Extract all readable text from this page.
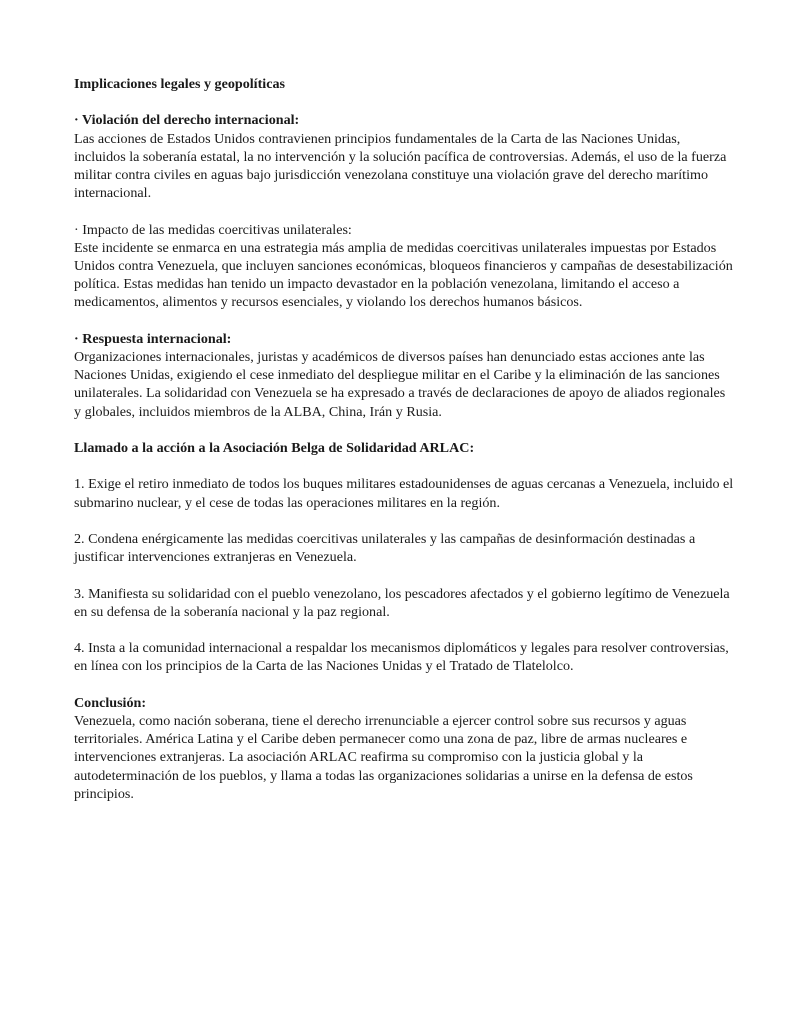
Implicaciones legales y geopolíticas

· Violación del derecho internacional:

Las acciones de Estados Unidos contravienen principios fundamentales de la Carta de las Naciones Unidas, incluidos la soberanía estatal, la no intervención y la solución pacífica de controversias. Además, el uso de la fuerza militar contra civiles en aguas bajo jurisdicción venezolana constituye una violación grave del derecho marítimo internacional.

· Impacto de las medidas coercitivas unilaterales:

Este incidente se enmarca en una estrategia más amplia de medidas coercitivas unilaterales impuestas por Estados Unidos contra Venezuela, que incluyen sanciones económicas, bloqueos financieros y campañas de desestabilización política. Estas medidas han tenido un impacto devastador en la población venezolana, limitando el acceso a medicamentos, alimentos y recursos esenciales, y violando los derechos humanos básicos.

· Respuesta internacional:

Organizaciones internacionales, juristas y académicos de diversos países han denunciado estas acciones ante las Naciones Unidas, exigiendo el cese inmediato del despliegue militar en el Caribe y la eliminación de las sanciones unilaterales. La solidaridad con Venezuela se ha expresado a través de declaraciones de apoyo de aliados regionales y globales, incluidos miembros de la ALBA, China, Irán y Rusia.

Llamado a la acción a la Asociación Belga de Solidaridad ARLAC:

1. Exige el retiro inmediato de todos los buques militares estadounidenses de aguas cercanas a Venezuela, incluido el submarino nuclear, y el cese de todas las operaciones militares en la región.

2. Condena enérgicamente las medidas coercitivas unilaterales y las campañas de desinformación destinadas a justificar intervenciones extranjeras en Venezuela.

3. Manifiesta su solidaridad con el pueblo venezolano, los pescadores afectados y el gobierno legítimo de Venezuela en su defensa de la soberanía nacional y la paz regional.

4. Insta a la comunidad internacional a respaldar los mecanismos diplomáticos y legales para resolver controversias, en línea con los principios de la Carta de las Naciones Unidas y el Tratado de Tlatelolco.

Conclusión:

Venezuela, como nación soberana, tiene el derecho irrenunciable a ejercer control sobre sus recursos y aguas territoriales. América Latina y el Caribe deben permanecer como una zona de paz, libre de armas nucleares e intervenciones extranjeras. La asociación ARLAC reafirma su compromiso con la justicia global y la autodeterminación de los pueblos, y llama a todas las organizaciones solidarias a unirse en la defensa de estos principios.
